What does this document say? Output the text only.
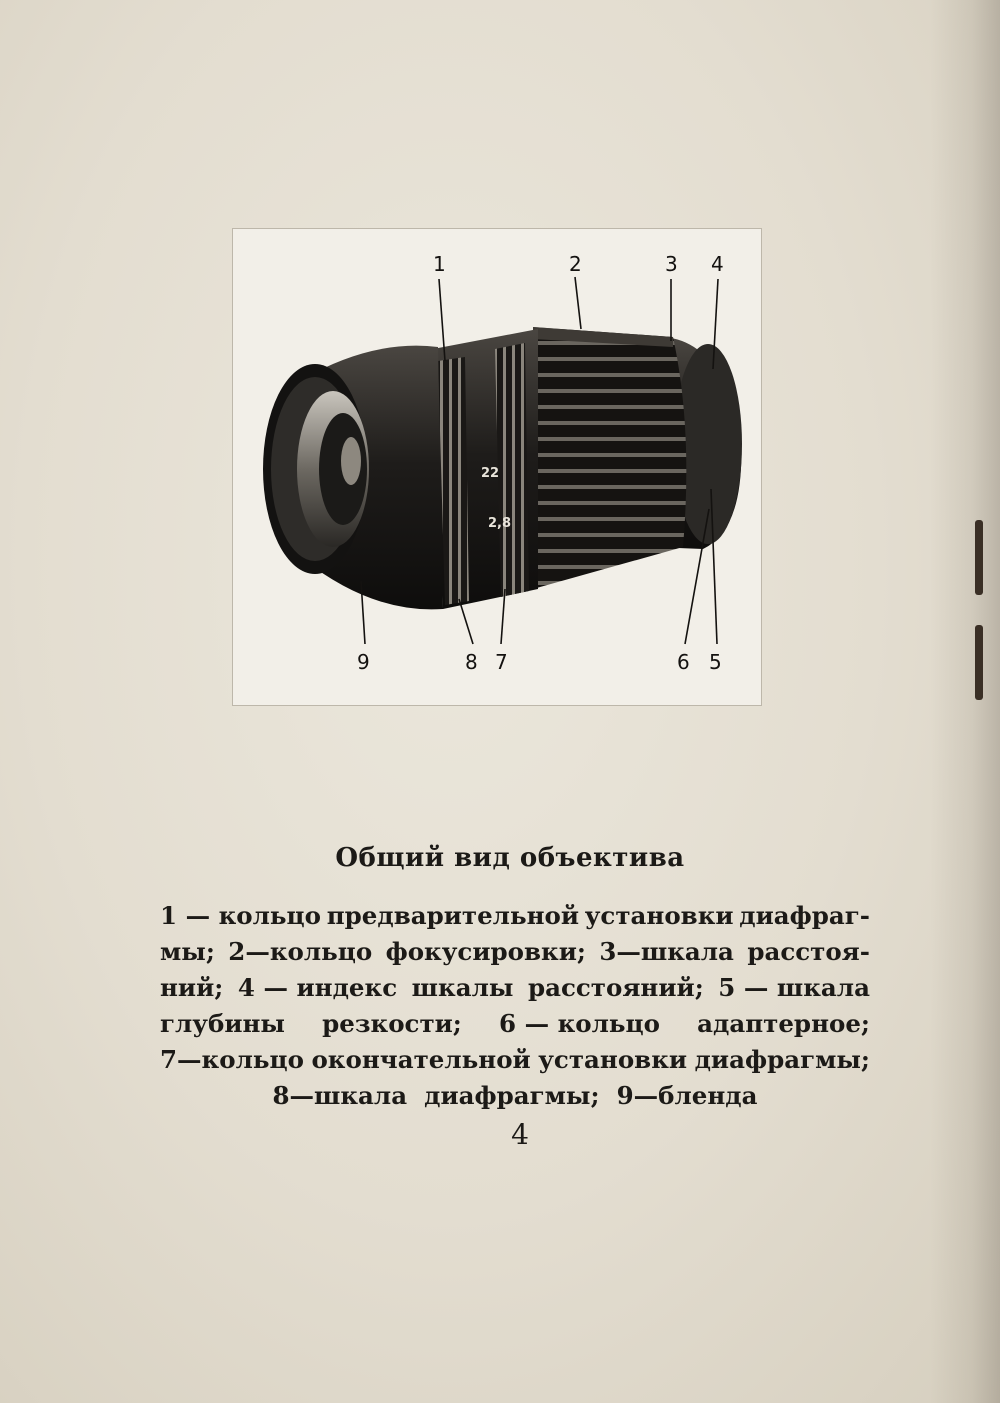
22
2,8
1	2	3 4
5
6
7
8
9
Общий вид объектива
1 — кольцо предварительной установки диафраг-
мы; 2—кольцо фокусировки; 3—шкала расстоя-
ний; 4 — индекс шкалы расстояний; 5 — шкала
глубины резкости; 6 — кольцо адаптерное;
7—кольцо окончательной установки диафрагмы;
8—шкала
диафрагмы;
9—бленда
4
